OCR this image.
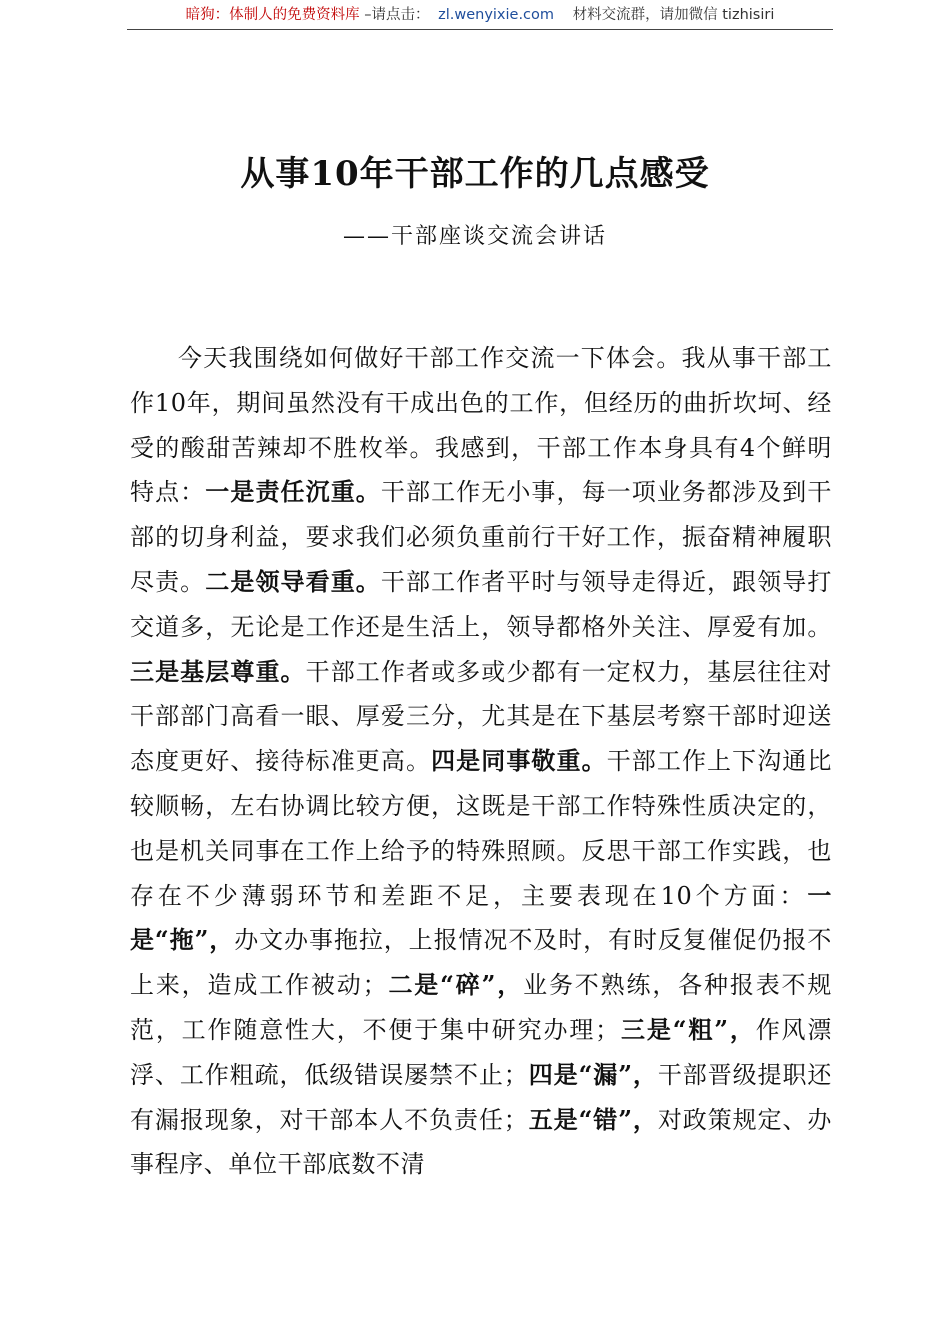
暗狗：体制人的免费资料库 –请点击： zl.wenyixie.com 材料交流群，请加微信 tizhisiri
从事10年干部工作的几点感受
——干部座谈交流会讲话

今天我围绕如何做好干部工作交流一下体会。我从事干部工作10年，期间虽然没有干成出色的工作，但经历的曲折坎坷、经受的酸甜苦辣却不胜枚举。我感到，干部工作本身具有4个鲜明特点：一是责任沉重。干部工作无小事，每一项业务都涉及到干部的切身利益，要求我们必须负重前行干好工作，振奋精神履职尽责。二是领导看重。干部工作者平时与领导走得近，跟领导打交道多，无论是工作还是生活上，领导都格外关注、厚爱有加。三是基层尊重。干部工作者或多或少都有一定权力，基层往往对干部部门高看一眼、厚爱三分，尤其是在下基层考察干部时迎送态度更好、接待标准更高。四是同事敬重。干部工作上下沟通比较顺畅，左右协调比较方便，这既是干部工作特殊性质决定的，也是机关同事在工作上给予的特殊照顾。反思干部工作实践，也存在不少薄弱环节和差距不足，主要表现在10个方面：一是“拖”，办文办事拖拉，上报情况不及时，有时反复催促仍报不上来，造成工作被动；二是“碎”，业务不熟练，各种报表不规范，工作随意性大，不便于集中研究办理；三是“粗”，作风漂浮、工作粗疏，低级错误屡禁不止；四是“漏”，干部晋级提职还有漏报现象，对干部本人不负责任；五是“错”，对政策规定、办事程序、单位干部底数不清
